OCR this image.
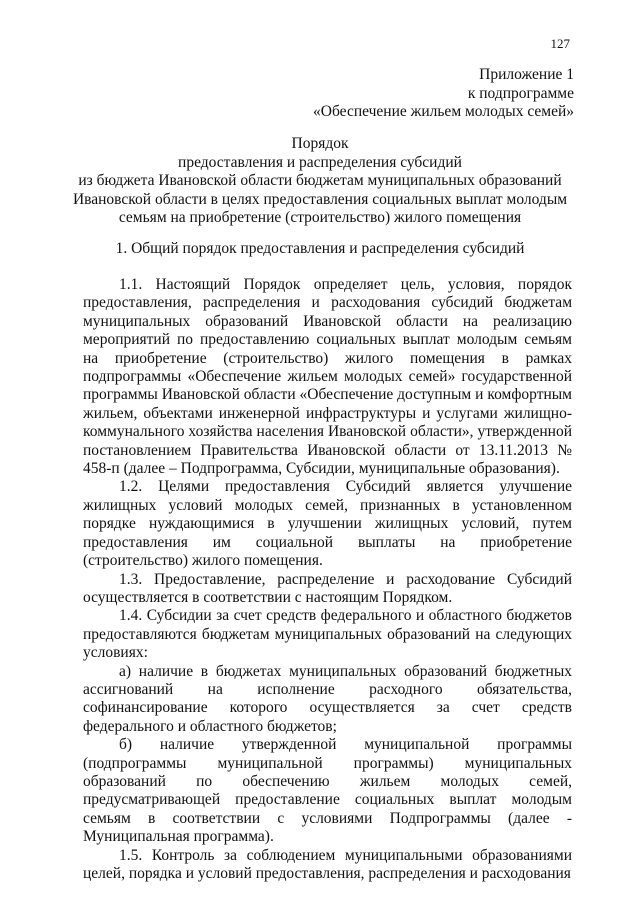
127
Приложение 1
к подпрограмме
«Обеспечение жильем молодых семей»
Порядок
предоставления и распределения субсидий
из бюджета Ивановской области бюджетам муниципальных образований
Ивановской области в целях предоставления социальных выплат молодым
семьям на приобретение (строительство) жилого помещения
1. Общий порядок предоставления и распределения субсидий

1.1. Настоящий Порядок определяет цель, условия, порядок предоставления, распределения и расходования субсидий бюджетам муниципальных образований Ивановской области на реализацию мероприятий по предоставлению социальных выплат молодым семьям на приобретение (строительство) жилого помещения в рамках подпрограммы «Обеспечение жильем молодых семей» государственной программы Ивановской области «Обеспечение доступным и комфортным жильем, объектами инженерной инфраструктуры и услугами жилищно-коммунального хозяйства населения Ивановской области», утвержденной постановлением Правительства Ивановской области от 13.11.2013 № 458-п (далее – Подпрограмма, Субсидии, муниципальные образования).

1.2. Целями предоставления Субсидий является улучшение жилищных условий молодых семей, признанных в установленном порядке нуждающимися в улучшении жилищных условий, путем предоставления им социальной выплаты на приобретение (строительство) жилого помещения.

1.3. Предоставление, распределение и расходование Субсидий осуществляется в соответствии с настоящим Порядком.

1.4. Субсидии за счет средств федерального и областного бюджетов предоставляются бюджетам муниципальных образований на следующих условиях:

а) наличие в бюджетах муниципальных образований бюджетных ассигнований на исполнение расходного обязательства, софинансирование которого осуществляется за счет средств федерального и областного бюджетов;

б) наличие утвержденной муниципальной программы (подпрограммы муниципальной программы) муниципальных образований по обеспечению жильем молодых семей, предусматривающей предоставление социальных выплат молодым семьям в соответствии с условиями Подпрограммы (далее - Муниципальная программа).

1.5. Контроль за соблюдением муниципальными образованиями целей, порядка и условий предоставления, распределения и расходования
